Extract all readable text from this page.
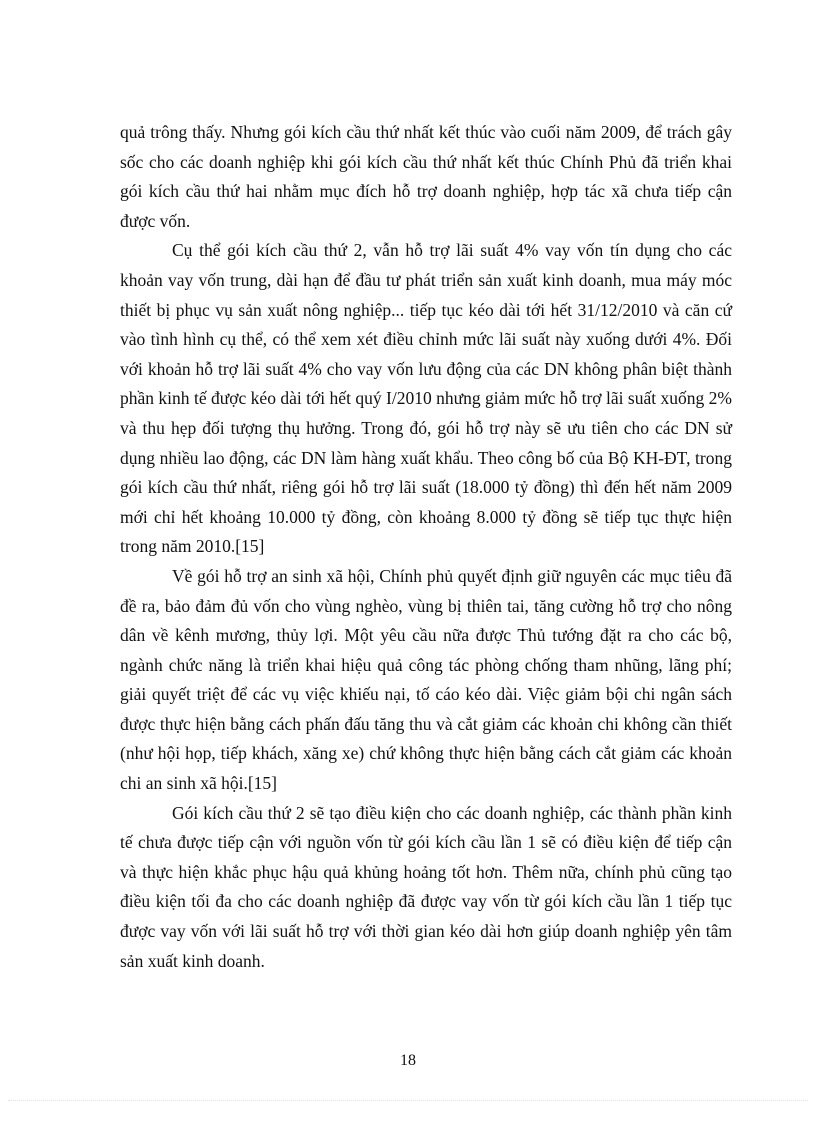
quả trông thấy. Nhưng gói kích cầu thứ nhất kết thúc vào cuối năm 2009, để trách gây sốc cho các doanh nghiệp khi gói kích cầu thứ nhất kết thúc Chính Phủ đã triển khai gói kích cầu thứ hai nhằm mục đích hỗ trợ doanh nghiệp, hợp tác xã chưa tiếp cận được vốn.

Cụ thể gói kích cầu thứ 2, vẫn hỗ trợ lãi suất 4% vay vốn tín dụng cho các khoản vay vốn trung, dài hạn để đầu tư phát triển sản xuất kinh doanh, mua máy móc thiết bị phục vụ sản xuất nông nghiệp... tiếp tục kéo dài tới hết 31/12/2010 và căn cứ vào tình hình cụ thể, có thể xem xét điều chỉnh mức lãi suất này xuống dưới 4%. Đối với khoản hỗ trợ lãi suất 4% cho vay vốn lưu động của các DN không phân biệt thành phần kinh tế được kéo dài tới hết quý I/2010 nhưng giảm mức hỗ trợ lãi suất xuống 2% và thu hẹp đối tượng thụ hưởng. Trong đó, gói hỗ trợ này sẽ ưu tiên cho các DN sử dụng nhiều lao động, các DN làm hàng xuất khẩu. Theo công bố của Bộ KH-ĐT, trong gói kích cầu thứ nhất, riêng gói hỗ trợ lãi suất (18.000 tỷ đồng) thì đến hết năm 2009 mới chỉ hết khoảng 10.000 tỷ đồng, còn khoảng 8.000 tỷ đồng sẽ tiếp tục thực hiện trong năm 2010.[15]

Về gói hỗ trợ an sinh xã hội, Chính phủ quyết định giữ nguyên các mục tiêu đã đề ra, bảo đảm đủ vốn cho vùng nghèo, vùng bị thiên tai, tăng cường hỗ trợ cho nông dân về kênh mương, thủy lợi. Một yêu cầu nữa được Thủ tướng đặt ra cho các bộ, ngành chức năng là triển khai hiệu quả công tác phòng chống tham nhũng, lãng phí; giải quyết triệt để các vụ việc khiếu nại, tố cáo kéo dài. Việc giảm bội chi ngân sách được thực hiện bằng cách phấn đấu tăng thu và cắt giảm các khoản chi không cần thiết (như hội họp, tiếp khách, xăng xe) chứ không thực hiện bằng cách cắt giảm các khoản chi an sinh xã hội.[15]

Gói kích cầu thứ 2 sẽ tạo điều kiện cho các doanh nghiệp, các thành phần kinh tế chưa được tiếp cận với nguồn vốn từ gói kích cầu lần 1 sẽ có điều kiện để tiếp cận và thực hiện khắc phục hậu quả khủng hoảng tốt hơn. Thêm nữa, chính phủ cũng tạo điều kiện tối đa cho các doanh nghiệp đã được vay vốn từ gói kích cầu lần 1 tiếp tục được vay vốn với lãi suất hỗ trợ với thời gian kéo dài hơn giúp doanh nghiệp yên tâm sản xuất kinh doanh.

18
